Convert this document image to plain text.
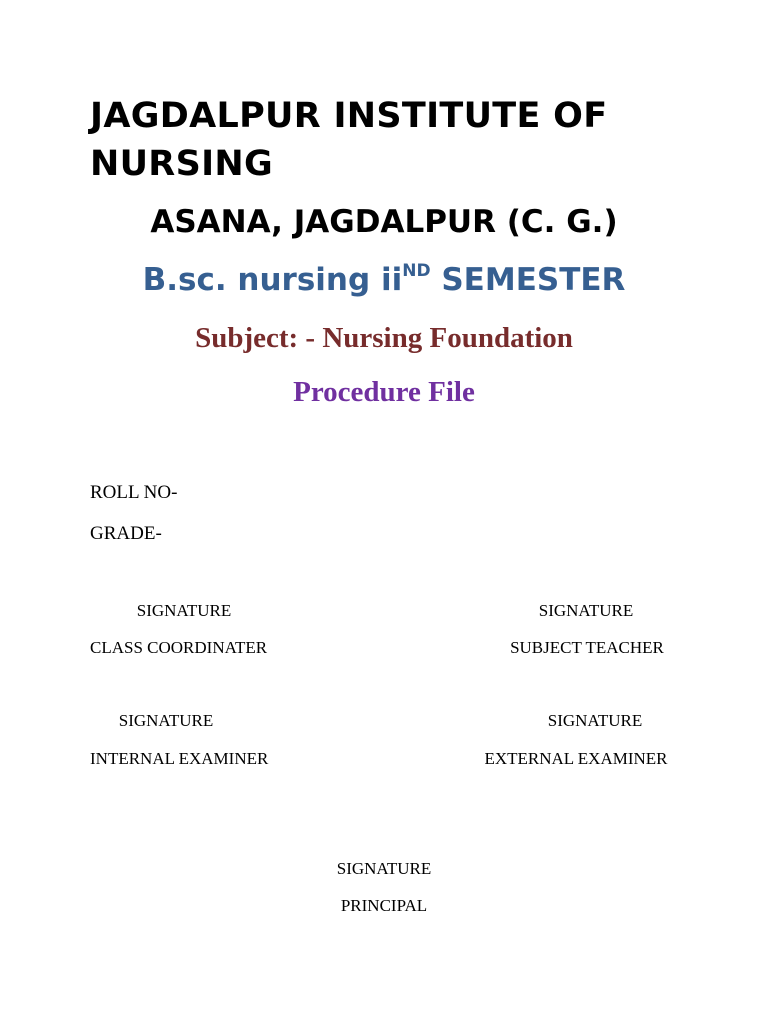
JAGDALPUR INSTITUTE OF NURSING
ASANA, JAGDALPUR (C. G.)
B.sc. nursing $ii^{ND}$ SEMESTER
Subject: - Nursing Foundation
Procedure File
ROLL NO-
GRADE-
SIGNATURE
CLASS COORDINATER
SIGNATURE
SUBJECT TEACHER
SIGNATURE
INTERNAL EXAMINER
SIGNATURE
EXTERNAL EXAMINER
SIGNATURE
PRINCIPAL
